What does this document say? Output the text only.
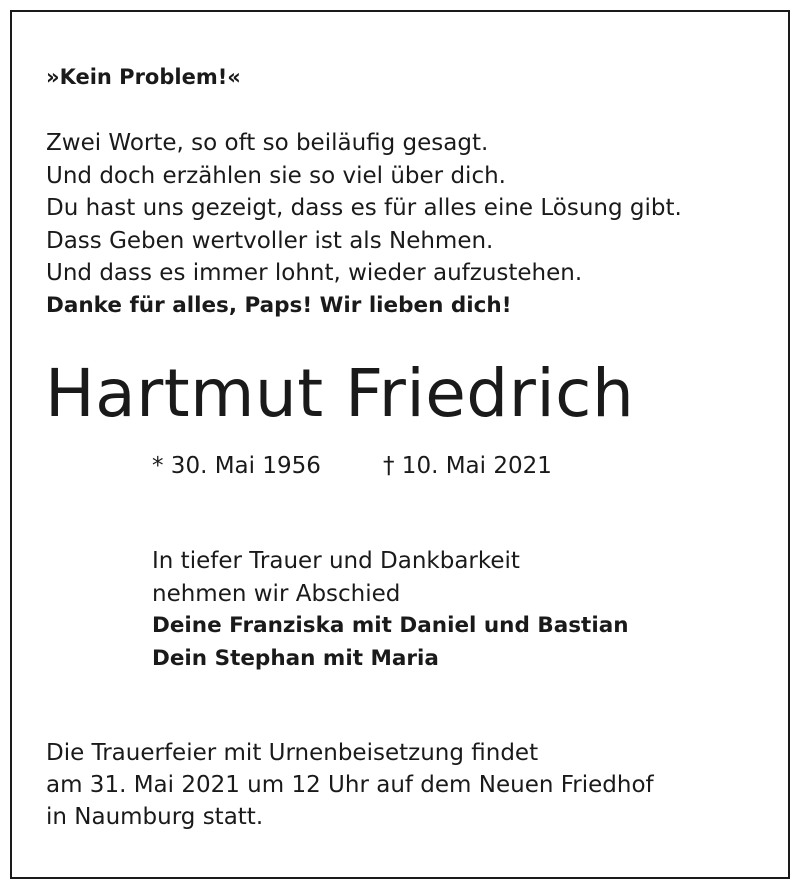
»Kein Problem!«
Zwei Worte, so oft so beiläufig gesagt.
Und doch erzählen sie so viel über dich.
Du hast uns gezeigt, dass es für alles eine Lösung gibt.
Dass Geben wertvoller ist als Nehmen.
Und dass es immer lohnt, wieder aufzustehen.
Danke für alles, Paps! Wir lieben dich!
Hartmut Friedrich
* 30. Mai 1956	† 10. Mai 2021
In tiefer Trauer und Dankbarkeit
nehmen wir Abschied
Deine Franziska mit Daniel und Bastian
Dein Stephan mit Maria
Die Trauerfeier mit Urnenbeisetzung findet
am 31. Mai 2021 um 12 Uhr auf dem Neuen Friedhof
in Naumburg statt.
